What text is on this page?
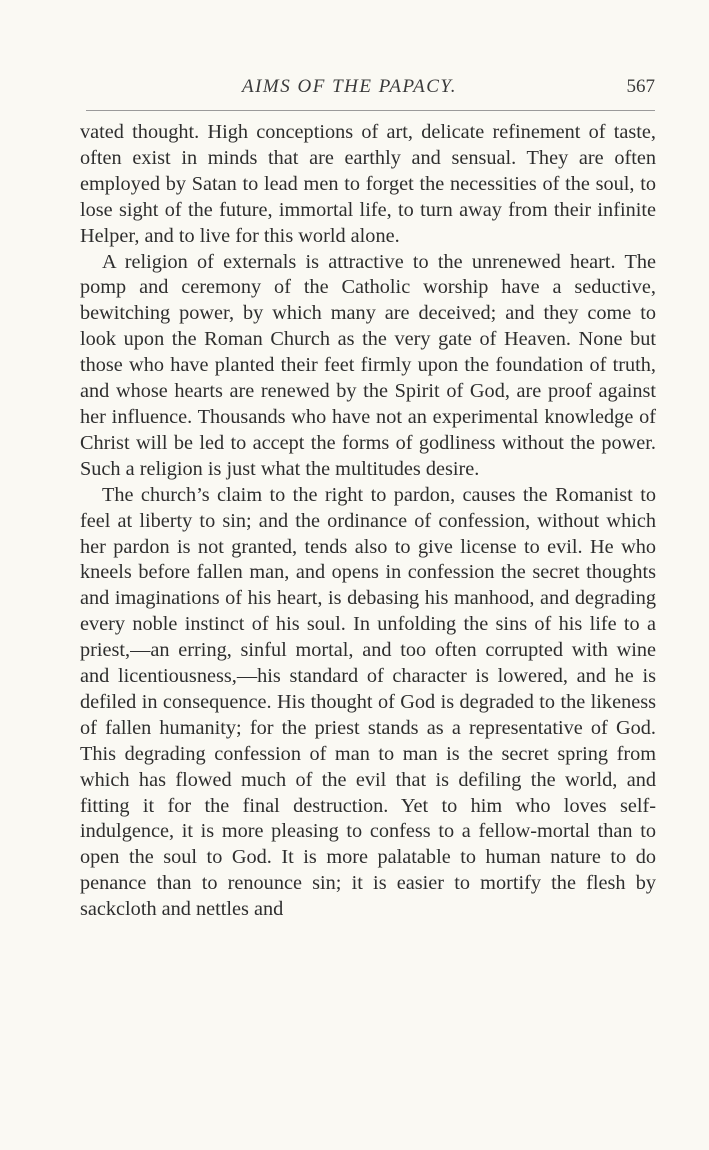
AIMS OF THE PAPACY.	567

vated thought. High conceptions of art, delicate refinement of taste, often exist in minds that are earthly and sensual. They are often employed by Satan to lead men to forget the necessities of the soul, to lose sight of the future, immortal life, to turn away from their infinite Helper, and to live for this world alone.

A religion of externals is attractive to the unrenewed heart. The pomp and ceremony of the Catholic worship have a seductive, bewitching power, by which many are deceived; and they come to look upon the Roman Church as the very gate of Heaven. None but those who have planted their feet firmly upon the foundation of truth, and whose hearts are renewed by the Spirit of God, are proof against her influence. Thousands who have not an experimental knowledge of Christ will be led to accept the forms of godliness without the power. Such a religion is just what the multitudes desire.

The church’s claim to the right to pardon, causes the Romanist to feel at liberty to sin; and the ordinance of confession, without which her pardon is not granted, tends also to give license to evil. He who kneels before fallen man, and opens in confession the secret thoughts and imaginations of his heart, is debasing his manhood, and degrading every noble instinct of his soul. In unfolding the sins of his life to a priest,—an erring, sinful mortal, and too often corrupted with wine and licentiousness,—his standard of character is lowered, and he is defiled in consequence. His thought of God is degraded to the likeness of fallen humanity; for the priest stands as a representative of God. This degrading confession of man to man is the secret spring from which has flowed much of the evil that is defiling the world, and fitting it for the final destruction. Yet to him who loves self-indulgence, it is more pleasing to confess to a fellow-mortal than to open the soul to God. It is more palatable to human nature to do penance than to renounce sin; it is easier to mortify the flesh by sackcloth and nettles and
